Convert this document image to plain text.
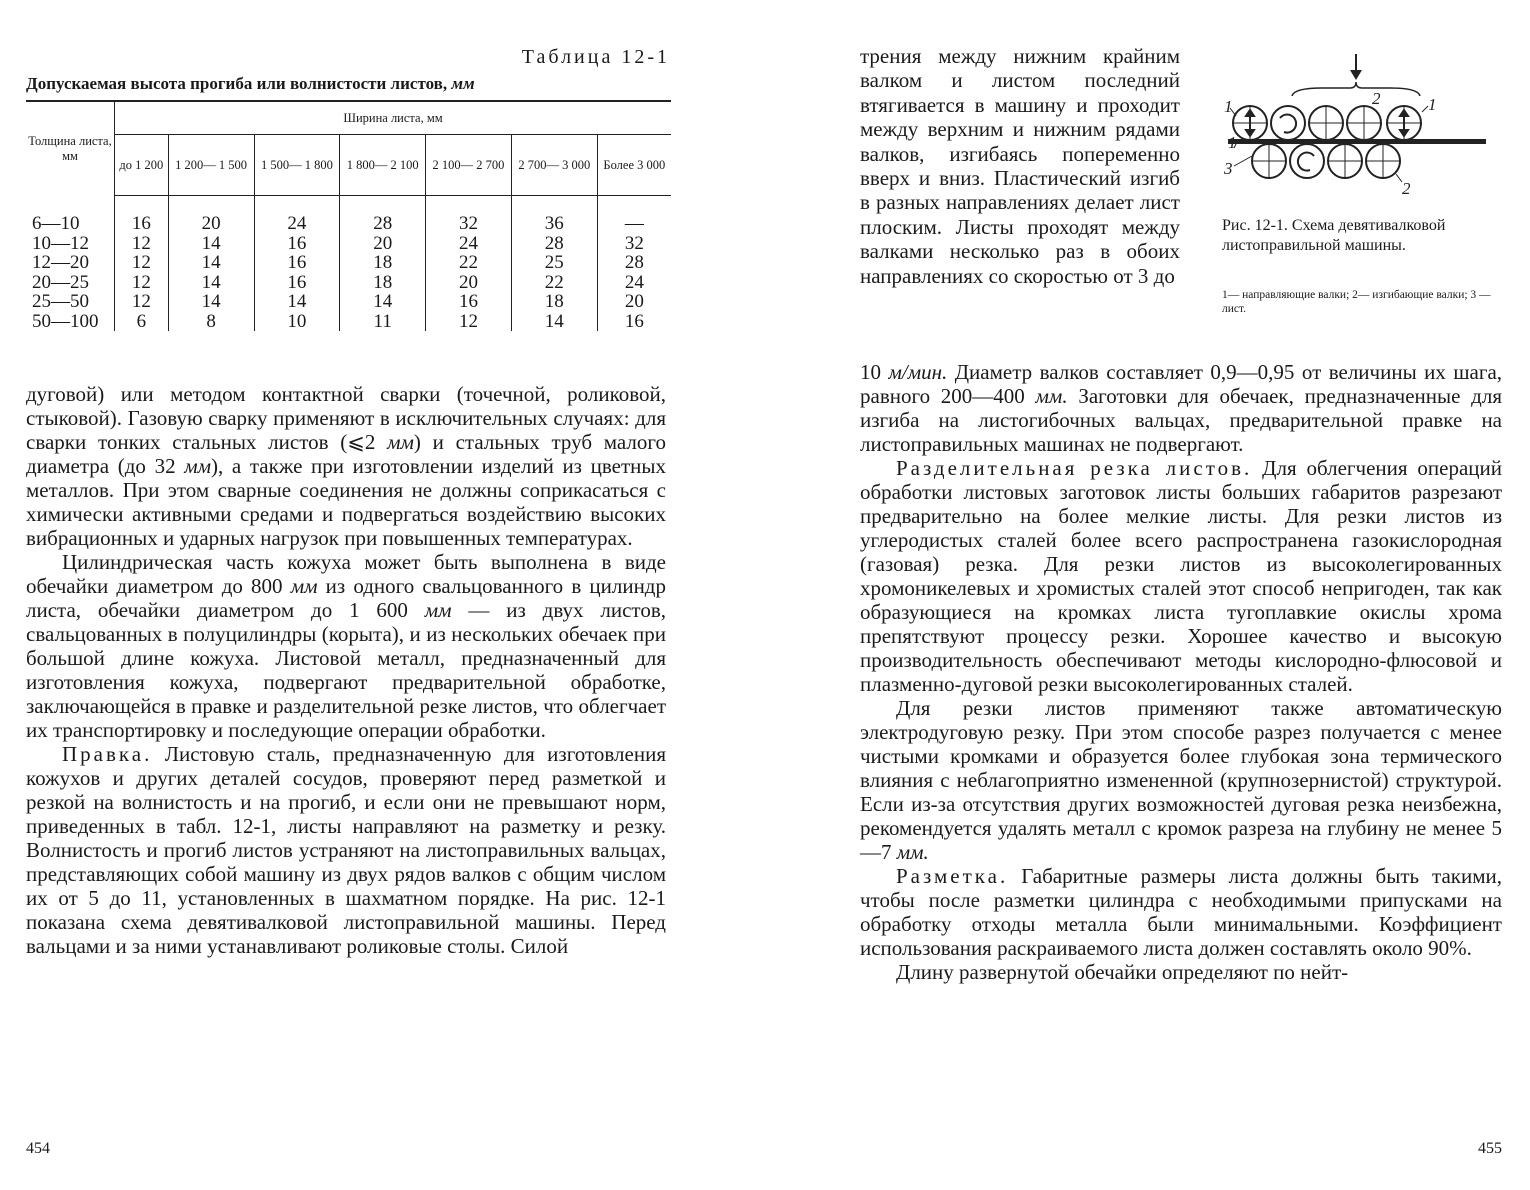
Таблица 12-1
Допускаемая высота прогиба или волнистости листов, мм
Толщина листа, мм	Ширина листа, мм						
	до 1 200	1 200— 1 500	1 500— 1 800	1 800— 2 100	2 100— 2 700	2 700— 3 000	Более 3 000

6—10	16	20	24	28	32	36	—
10—12	12	14	16	20	24	28	32
12—20	12	14	16	18	22	25	28
20—25	12	14	16	18	20	22	24
25—50	12	14	14	14	16	18	20
50—100	6	8	10	11	12	14	16

дуговой) или методом контактной сварки (точечной, роликовой, стыковой). Газовую сварку применяют в исключительных случаях: для сварки тонких стальных листов (⩽2 мм) и стальных труб малого диаметра (до 32 мм), а также при изготовлении изделий из цветных металлов. При этом сварные соединения не должны соприкасаться с химически активными средами и подвергаться воздействию высоких вибрационных и ударных нагрузок при повышенных температурах.

Цилиндрическая часть кожуха может быть выполнена в виде обечайки диаметром до 800 мм из одного свальцованного в цилиндр листа, обечайки диаметром до 1 600 мм — из двух листов, свальцованных в полуцилиндры (корыта), и из нескольких обечаек при большой длине кожуха. Листовой металл, предназначенный для изготовления кожуха, подвергают предварительной обработке, заключающейся в правке и разделительной резке листов, что облегчает их транспортировку и последующие операции обработки.

Правка. Листовую сталь, предназначенную для изготовления кожухов и других деталей сосудов, проверяют перед разметкой и резкой на волнистость и на прогиб, и если они не превышают норм, приведенных в табл. 12-1, листы направляют на разметку и резку. Волнистость и прогиб листов устраняют на листоправильных вальцах, представляющих собой машину из двух рядов валков с общим числом их от 5 до 11, установленных в шахматном порядке. На рис. 12-1 показана схема девятивалковой листоправильной машины. Перед вальцами и за ними устанавливают роликовые столы. Силой

454

трения между нижним крайним валком и листом последний втягивается в машину и проходит между верхним и нижним рядами валков, изгибаясь попеременно вверх и вниз. Пластический изгиб в разных направлениях делает лист плоским. Листы проходят между валками несколько раз в обоих направлениях со скоростью от 3 до

1	2	1
1
3
2
Рис. 12-1. Схема девятивалковой листоправильной машины.
1— направляющие валки; 2— изгибающие валки; 3 — лист.

10 м/мин. Диаметр валков составляет 0,9—0,95 от величины их шага, равного 200—400 мм. Заготовки для обечаек, предназначенные для изгиба на листогибочных вальцах, предварительной правке на листоправильных машинах не подвергают.

Разделительная резка листов. Для облегчения операций обработки листовых заготовок листы больших габаритов разрезают предварительно на более мелкие листы. Для резки листов из углеродистых сталей более всего распространена газокислородная (газовая) резка. Для резки листов из высоколегированных хромоникелевых и хромистых сталей этот способ непригоден, так как образующиеся на кромках листа тугоплавкие окислы хрома препятствуют процессу резки. Хорошее качество и высокую производительность обеспечивают методы кислородно-флюсовой и плазменно-дуговой резки высоколегированных сталей.

Для резки листов применяют также автоматическую электродуговую резку. При этом способе разрез получается с менее чистыми кромками и образуется более глубокая зона термического влияния с неблагоприятно измененной (крупнозернистой) структурой. Если из-за отсутствия других возможностей дуговая резка неизбежна, рекомендуется удалять металл с кромок разреза на глубину не менее 5—7 мм.

Разметка. Габаритные размеры листа должны быть такими, чтобы после разметки цилиндра с необходимыми припусками на обработку отходы металла были минимальными. Коэффициент использования раскраиваемого листа должен составлять около 90%.

Длину развернутой обечайки определяют по нейт-

455
